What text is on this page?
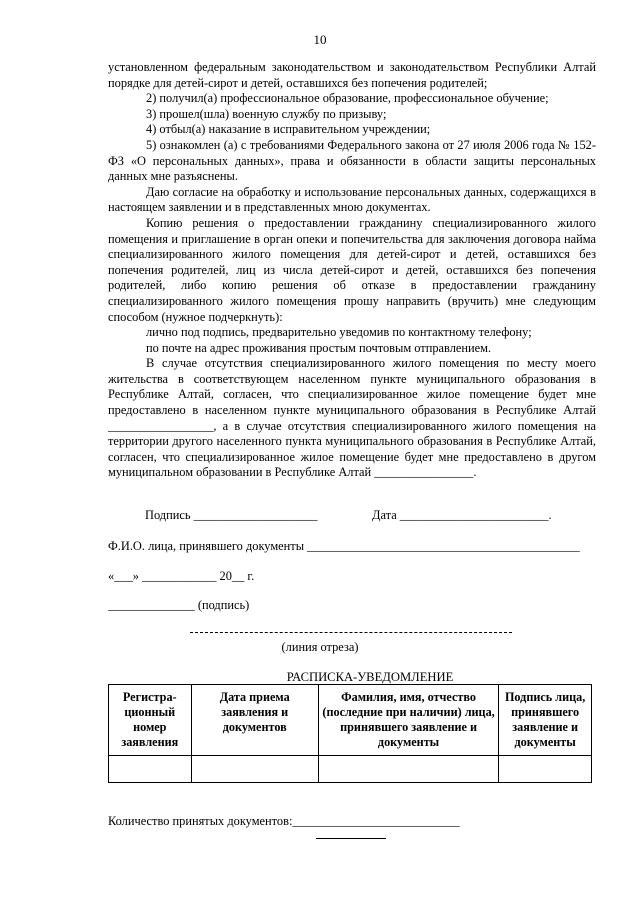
10

установленном федеральным законодательством и законодательством Республики Алтай порядке для детей-сирот и детей, оставшихся без попечения родителей;

2) получил(а) профессиональное образование, профессиональное обучение;

3) прошел(шла) военную службу по призыву;

4) отбыл(а) наказание в исправительном учреждении;

5) ознакомлен (а) с требованиями Федерального закона от 27 июля 2006 года № 152-ФЗ «О персональных данных», права и обязанности в области защиты персональных данных мне разъяснены.

Даю согласие на обработку и использование персональных данных, содержащихся в настоящем заявлении и в представленных мною документах.

Копию решения о предоставлении гражданину специализированного жилого помещения и приглашение в орган опеки и попечительства для заключения договора найма специализированного жилого помещения для детей-сирот и детей, оставшихся без попечения родителей, лиц из числа детей-сирот и детей, оставшихся без попечения родителей, либо копию решения об отказе в предоставлении гражданину специализированного жилого помещения прошу направить (вручить) мне следующим способом (нужное подчеркнуть):

лично под подпись, предварительно уведомив по контактному телефону;

по почте на адрес проживания простым почтовым отправлением.

В случае отсутствия специализированного жилого помещения по месту моего жительства в соответствующем населенном пункте муниципального образования в Республике Алтай, согласен, что специализированное жилое помещение будет мне предоставлено в населенном пункте муниципального образования в Республике Алтай _________________, а в случае отсутствия специализированного жилого помещения на территории другого населенного пункта муниципального образования в Республике Алтай, согласен, что специализированное жилое помещение будет мне предоставлено в другом муниципальном образовании в Республике Алтай ________________.

Подпись ____________________	Дата ________________________.
Ф.И.О. лица, принявшего документы ____________________________________________
«___» ____________ 20__ г.
______________ (подпись)
(линия отреза)
РАСПИСКА-УВЕДОМЛЕНИЕ
Регистра-ционный номер заявления	Дата приема заявления и документов	Фамилия, имя, отчество (последние при наличии) лица, принявшего заявление и документы	Подпись лица, принявшего заявление и документы

Количество принятых документов:___________________________
